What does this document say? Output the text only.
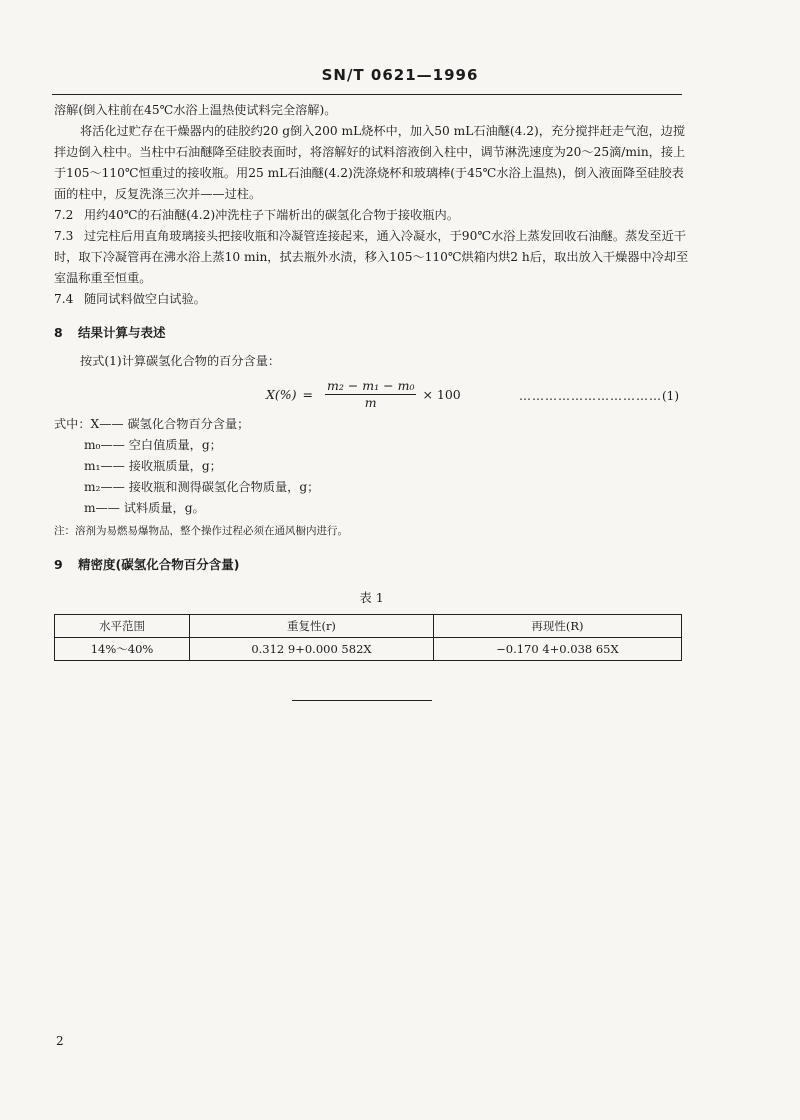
SN/T 0621—1996

溶解(倒入柱前在45℃水浴上温热使试料完全溶解)。

将活化过贮存在干燥器内的硅胶约20 g倒入200 mL烧杯中，加入50 mL石油醚(4.2)，充分搅拌赶走气泡，边搅拌边倒入柱中。当柱中石油醚降至硅胶表面时，将溶解好的试料溶液倒入柱中，调节淋洗速度为20～25滴/min，接上于105～110℃恒重过的接收瓶。用25 mL石油醚(4.2)洗涤烧杯和玻璃棒(于45℃水浴上温热)，倒入液面降至硅胶表面的柱中，反复洗涤三次并——过柱。

7.2 用约40℃的石油醚(4.2)冲洗柱子下端析出的碳氢化合物于接收瓶内。

7.3 过完柱后用直角玻璃接头把接收瓶和冷凝管连接起来，通入冷凝水，于90℃水浴上蒸发回收石油醚。蒸发至近干时，取下冷凝管再在沸水浴上蒸10 min，拭去瓶外水渍，移入105～110℃烘箱内烘2 h后，取出放入干燥器中冷却至室温称重至恒重。

7.4 随同试料做空白试验。

8 结果计算与表述

按式(1)计算碳氢化合物的百分含量：

$X(\%) = \frac{\text{m₂ − m₁ − m₀}}{m} \times 100$	……………………………(1)

式中：X—— 碳氢化合物百分含量；

m₀—— 空白值质量，g；

m₁—— 接收瓶质量，g；

m₂—— 接收瓶和测得碳氢化合物质量，g；

m—— 试料质量，g。

注：溶剂为易燃易爆物品，整个操作过程必须在通风橱内进行。

9 精密度(碳氢化合物百分含量)
表 1
水平范围	重复性(r)	再现性(R)
14%～40%	0.312 9+0.000 582X	−0.170 4+0.038 65X
2
